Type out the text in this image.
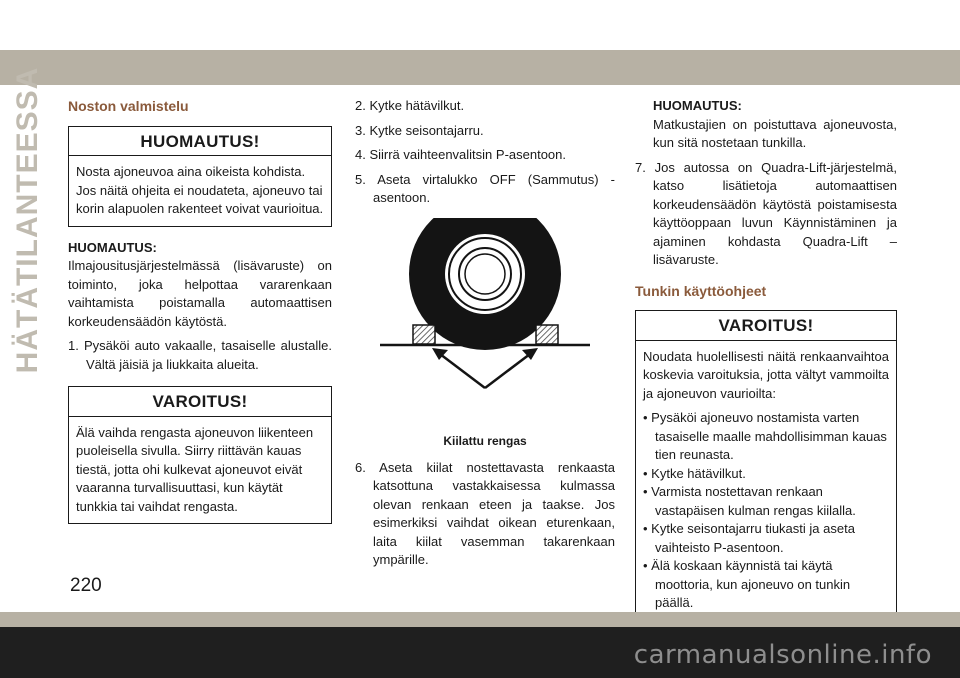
HÄTÄTILANTEESSA Noston valmistelu
HUOMAUTUS!
Nosta ajoneuvoa aina oikeista kohdista. Jos näitä ohjeita ei noudateta, ajoneuvo tai korin alapuolen rakenteet voivat vaurioitua.

HUOMAUTUS:

Ilmajousitusjärjestelmässä (lisävaruste) on toiminto, joka helpottaa vararenkaan vaihtamista poistamalla automaattisen korkeudensäädön käytöstä.

1. Pysäköi auto vakaalle, tasaiselle alustalle. Vältä jäisiä ja liukkaita alueita.
VAROITUS!
Älä vaihda rengasta ajoneuvon liikenteen puoleisella sivulla. Siirry riittävän kauas tiestä, jotta ohi kulkevat ajoneuvot eivät vaaranna turvallisuuttasi, kun käytät tunkkia tai vaihdat rengasta.
2. Kytke hätävilkut.
3. Kytke seisontajarru.
4. Siirrä vaihteenvalitsin P-asentoon.
5. Aseta virtalukko OFF (Sammutus) -asentoon.
Kiilattu rengas
6. Aseta kiilat nostettavasta renkaasta katsottuna vastakkaisessa kulmassa olevan renkaan eteen ja taakse. Jos esimerkiksi vaihdat oikean eturenkaan, laita kiilat vasemman takarenkaan ympärille.

HUOMAUTUS:

Matkustajien on poistuttava ajoneuvosta, kun sitä nostetaan tunkilla.

7. Jos autossa on Quadra-Lift-järjestelmä, katso lisätietoja automaattisen korkeudensäädön käytöstä poistamisesta käyttöoppaan luvun Käynnistäminen ja ajaminen kohdasta Quadra-Lift – lisävaruste.
Tunkin käyttöohjeet
VAROITUS!

Noudata huolellisesti näitä renkaanvaihtoa koskevia varoituksia, jotta vältyt vammoilta ja ajoneuvon vaurioilta:

• Pysäköi ajoneuvo nostamista varten tasaiselle maalle mahdollisimman kauas tien reunasta.
• Kytke hätävilkut.
• Varmista nostettavan renkaan vastapäisen kulman rengas kiilalla.
• Kytke seisontajarru tiukasti ja aseta vaihteisto P-asentoon.
• Älä koskaan käynnistä tai käytä moottoria, kun ajoneuvo on tunkin päällä.
220
carmanualsonline.info
